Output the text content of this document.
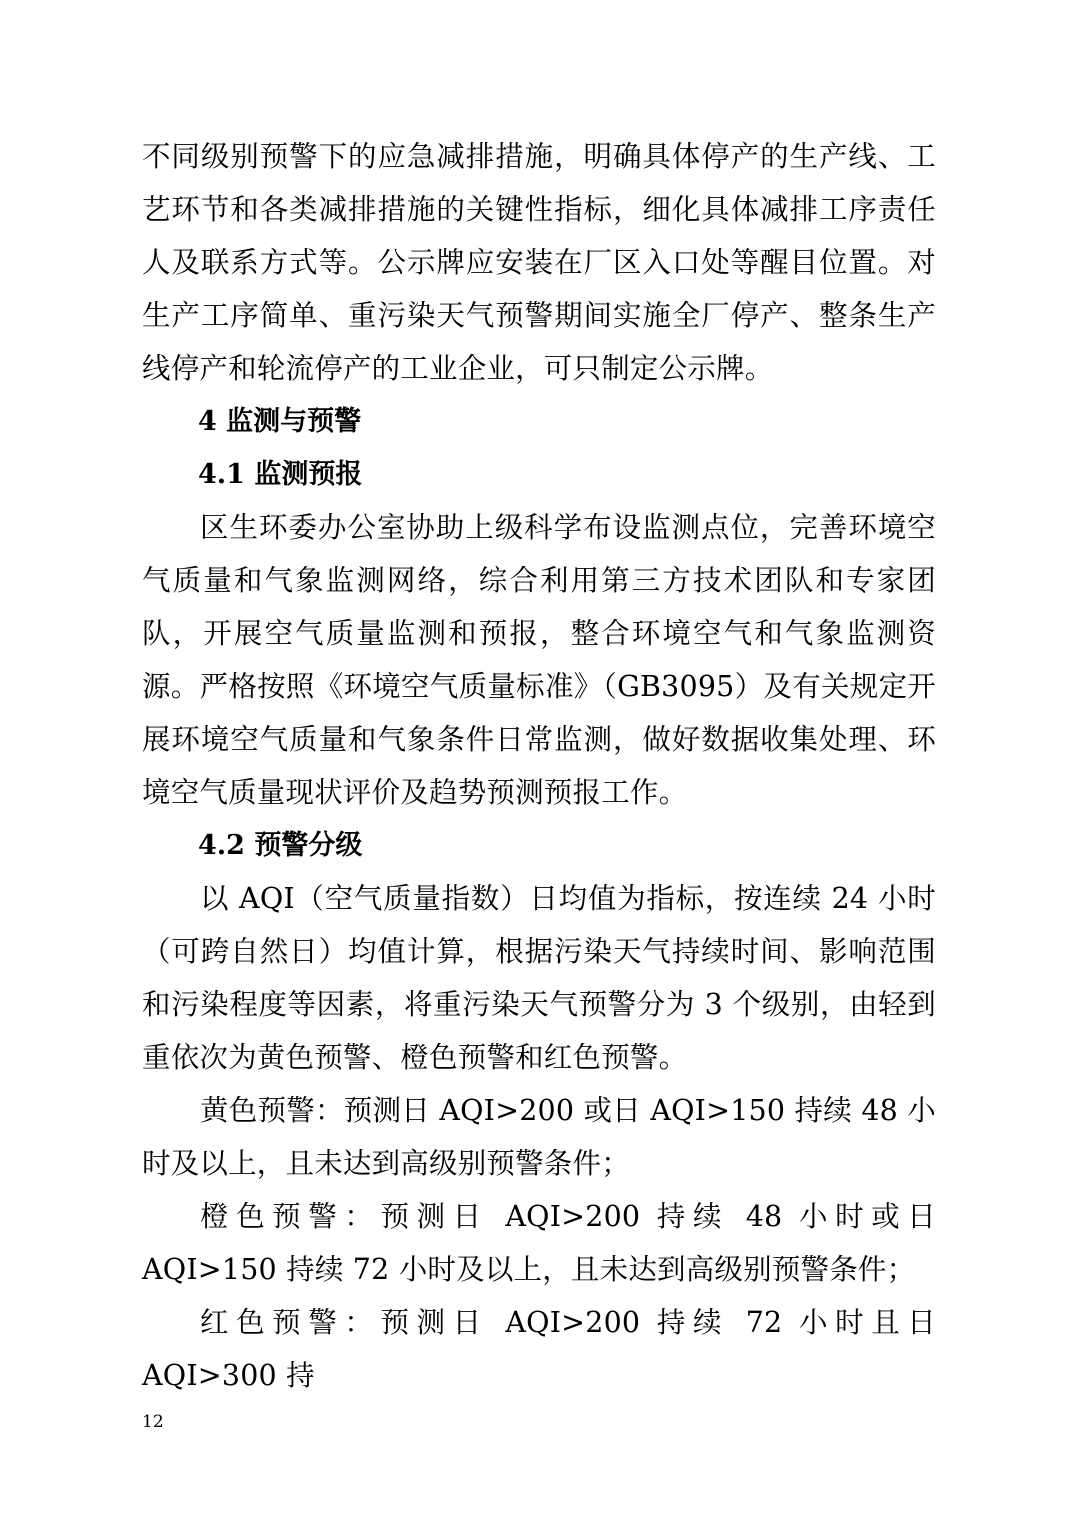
不同级别预警下的应急减排措施，明确具体停产的生产线、工艺环节和各类减排措施的关键性指标，细化具体减排工序责任人及联系方式等。公示牌应安装在厂区入口处等醒目位置。对生产工序简单、重污染天气预警期间实施全厂停产、整条生产线停产和轮流停产的工业企业，可只制定公示牌。

4 监测与预警

4.1 监测预报

区生环委办公室协助上级科学布设监测点位，完善环境空气质量和气象监测网络，综合利用第三方技术团队和专家团队，开展空气质量监测和预报，整合环境空气和气象监测资源。严格按照《环境空气质量标准》（GB3095）及有关规定开展环境空气质量和气象条件日常监测，做好数据收集处理、环境空气质量现状评价及趋势预测预报工作。

4.2 预警分级

以 AQI（空气质量指数）日均值为指标，按连续 24 小时（可跨自然日）均值计算，根据污染天气持续时间、影响范围和污染程度等因素，将重污染天气预警分为 3 个级别，由轻到重依次为黄色预警、橙色预警和红色预警。

黄色预警：预测日 AQI>200 或日 AQI>150 持续 48 小时及以上，且未达到高级别预警条件；

橙色预警：预测日 AQI>200 持续 48 小时或日 AQI>150 持续 72 小时及以上，且未达到高级别预警条件；

红色预警：预测日 AQI>200 持续 72 小时且日 AQI>300 持

12
